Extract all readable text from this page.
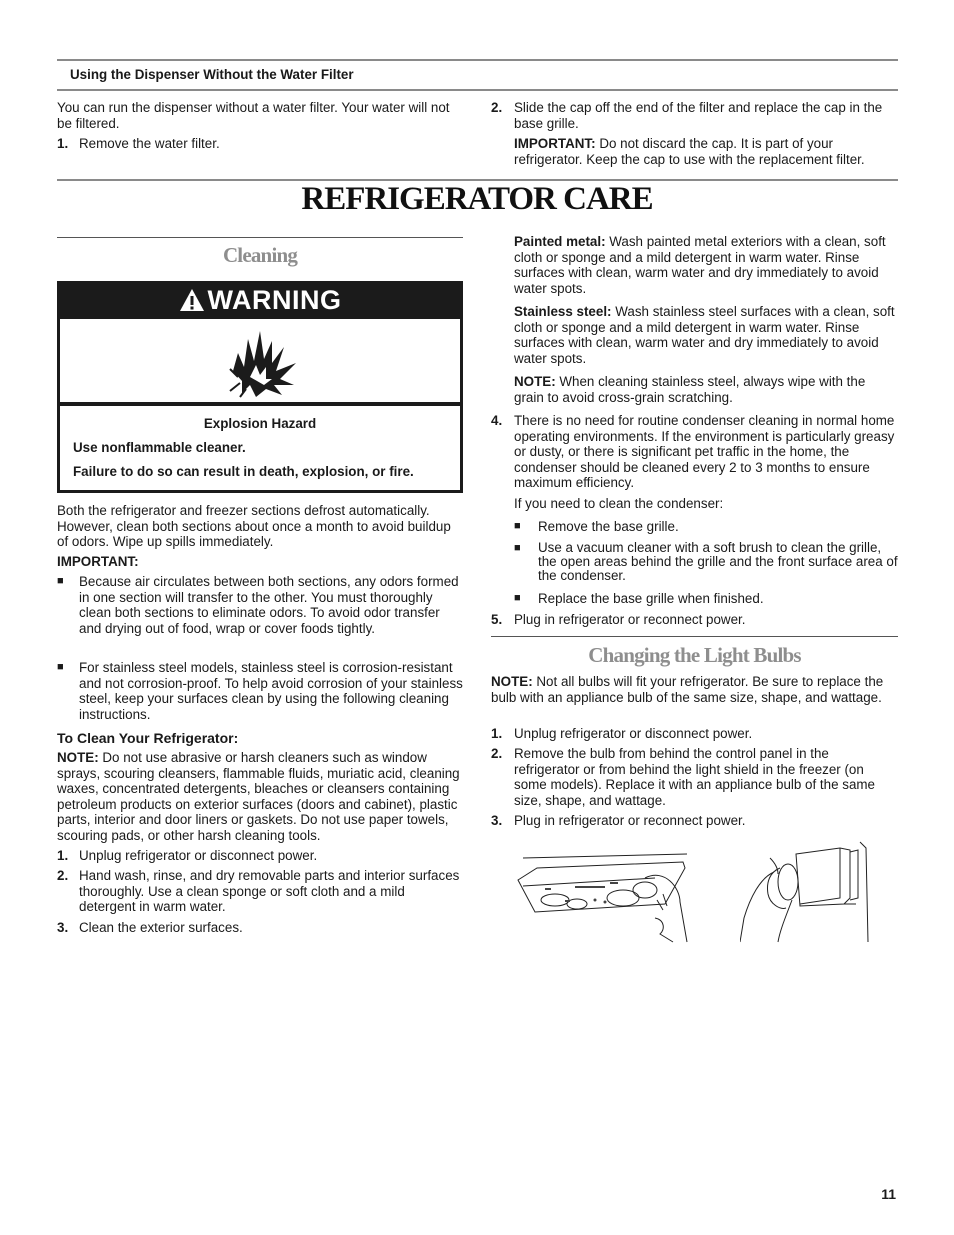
Using the Dispenser Without the Water Filter

You can run the dispenser without a water filter. Your water will not be filtered.

1. Remove the water filter.
2. Slide the cap off the end of the filter and replace the cap in the base grille.

IMPORTANT: Do not discard the cap. It is part of your refrigerator. Keep the cap to use with the replacement filter.

REFRIGERATOR CARE
Cleaning
WARNING
Explosion Hazard
Use nonflammable cleaner.
Failure to do so can result in death, explosion, or fire.

Both the refrigerator and freezer sections defrost automatically. However, clean both sections about once a month to avoid buildup of odors. Wipe up spills immediately.

IMPORTANT:
■ Because air circulates between both sections, any odors formed in one section will transfer to the other. You must thoroughly clean both sections to eliminate odors. To avoid odor transfer and drying out of food, wrap or cover foods tightly.
■ For stainless steel models, stainless steel is corrosion-resistant and not corrosion-proof. To help avoid corrosion of your stainless steel, keep your surfaces clean by using the following cleaning instructions.
To Clean Your Refrigerator:

NOTE: Do not use abrasive or harsh cleaners such as window sprays, scouring cleansers, flammable fluids, muriatic acid, cleaning waxes, concentrated detergents, bleaches or cleansers containing petroleum products on exterior surfaces (doors and cabinet), plastic parts, interior and door liners or gaskets. Do not use paper towels, scouring pads, or other harsh cleaning tools.

1. Unplug refrigerator or disconnect power.
2. Hand wash, rinse, and dry removable parts and interior surfaces thoroughly. Use a clean sponge or soft cloth and a mild detergent in warm water.
3. Clean the exterior surfaces.

Painted metal: Wash painted metal exteriors with a clean, soft cloth or sponge and a mild detergent in warm water. Rinse surfaces with clean, warm water and dry immediately to avoid water spots.

Stainless steel: Wash stainless steel surfaces with a clean, soft cloth or sponge and a mild detergent in warm water. Rinse surfaces with clean, warm water and dry immediately to avoid water spots.

NOTE: When cleaning stainless steel, always wipe with the grain to avoid cross-grain scratching.

4. There is no need for routine condenser cleaning in normal home operating environments. If the environment is particularly greasy or dusty, or there is significant pet traffic in the home, the condenser should be cleaned every 2 to 3 months to ensure maximum efficiency.

If you need to clean the condenser:

■ Remove the base grille.
■ Use a vacuum cleaner with a soft brush to clean the grille, the open areas behind the grille and the front surface area of the condenser.
■ Replace the base grille when finished.
5. Plug in refrigerator or reconnect power.
Changing the Light Bulbs

NOTE: Not all bulbs will fit your refrigerator. Be sure to replace the bulb with an appliance bulb of the same size, shape, and wattage.

1. Unplug refrigerator or disconnect power.
2. Remove the bulb from behind the control panel in the refrigerator or from behind the light shield in the freezer (on some models). Replace it with an appliance bulb of the same size, shape, and wattage.
3. Plug in refrigerator or reconnect power.
11
